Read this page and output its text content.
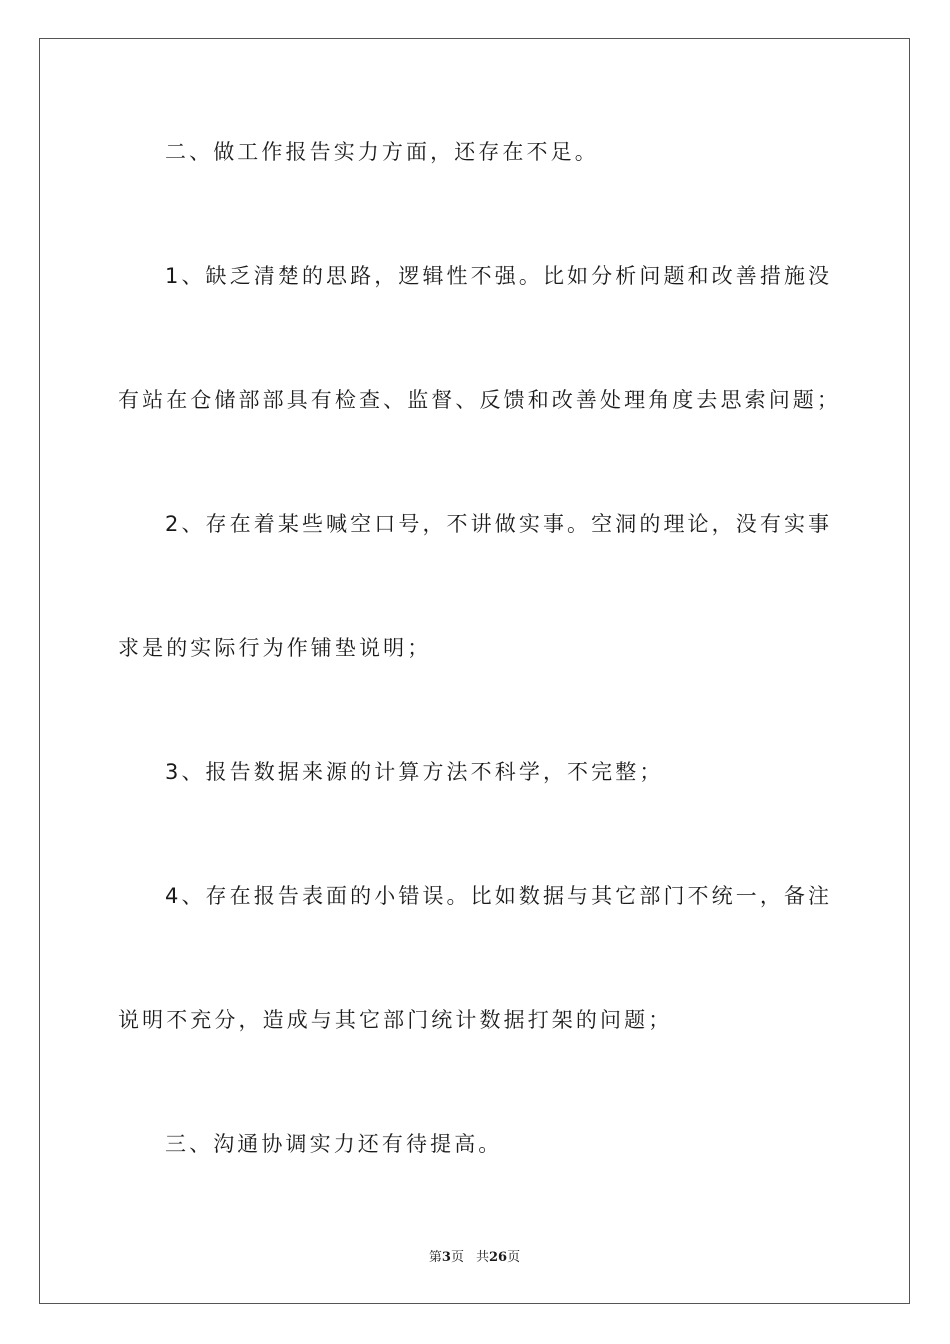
二、做工作报告实力方面，还存在不足。
1、缺乏清楚的思路，逻辑性不强。比如分析问题和改善措施没
有站在仓储部部具有检查、监督、反馈和改善处理角度去思索问题；
2、存在着某些喊空口号，不讲做实事。空洞的理论，没有实事
求是的实际行为作铺垫说明；
3、报告数据来源的计算方法不科学，不完整；
4、存在报告表面的小错误。比如数据与其它部门不统一，备注
说明不充分，造成与其它部门统计数据打架的问题；
三、沟通协调实力还有待提高。
第3页 共26页
